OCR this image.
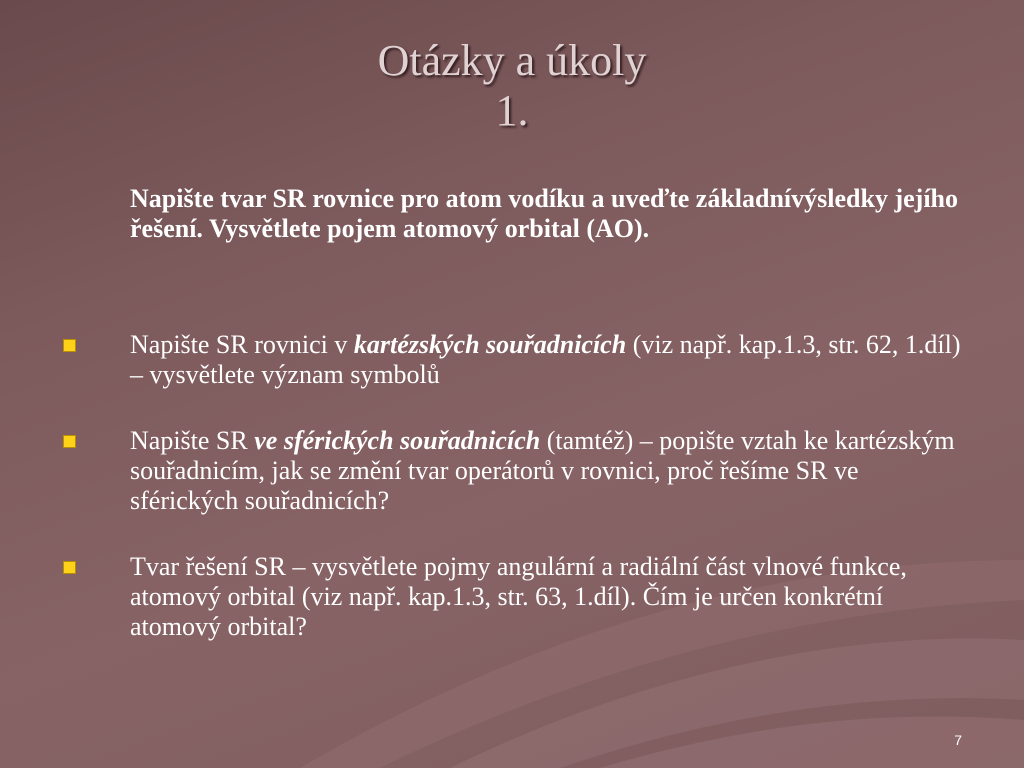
Otázky a úkoly
1.
Napište tvar SR rovnice pro atom vodíku a uveďte základnívýsledky jejího řešení. Vysvětlete pojem atomový orbital (AO).
Napište SR rovnici v kartézských souřadnicích (viz např. kap.1.3, str. 62, 1.díl) – vysvětlete význam symbolů
Napište SR ve sférických souřadnicích (tamtéž) – popište vztah ke kartézským souřadnicím, jak se změní tvar operátorů v rovnici, proč řešíme SR ve sférických souřadnicích?
Tvar řešení SR – vysvětlete pojmy angulární a radiální část vlnové funkce, atomový orbital (viz např. kap.1.3, str. 63, 1.díl). Čím je určen konkrétní atomový orbital?
7
